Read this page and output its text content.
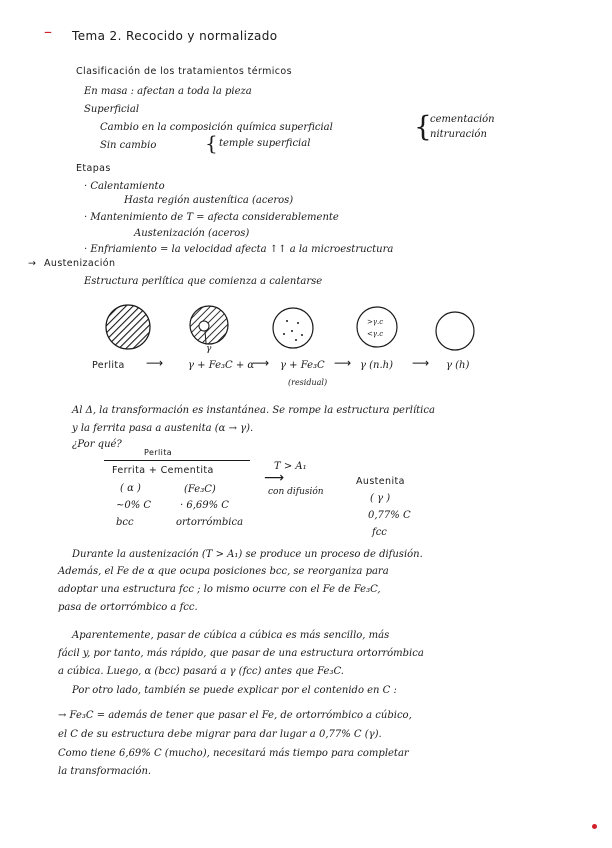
– Tema 2. Recocido y normalizado
Clasificación de los tratamientos térmicos
En masa : afectan a toda la pieza
Superficial
Cambio en la composición química superficial
Sin cambio { temple superficial
{
cementación
nitruración
Etapas
· Calentamiento
Hasta región austenítica (aceros)
· Mantenimiento de T = afecta considerablemente
Austenización (aceros)
· Enfriamiento = la velocidad afecta ↑↑ a la microestructura
→ Austenización
Estructura perlítica que comienza a calentarse
>γ.c
<γ.c
γ
Perlita ⟶ γ + Fe₃C + α
⟶ γ + Fe₃C
(residual)
⟶ γ (n.h) ⟶ γ (h)
Al Δ, la transformación es instantánea. Se rompe la estructura perlítica
y la ferrita pasa a austenita (α → γ).
¿Por qué?
Perlita
Ferrita + Cementita	T > A₁
⟶
con difusión
Austenita
( α )	(Fe₃C)
( γ )
~0% C	· 6,69% C
0,77% C
bcc	ortorrómbica
fcc
Durante la austenización (T > A₁) se produce un proceso de difusión.
Además, el Fe de α que ocupa posiciones bcc, se reorganiza para
adoptar una estructura fcc ; lo mismo ocurre con el Fe de Fe₃C,
pasa de ortorrómbico a fcc.
Aparentemente, pasar de cúbica a cúbica es más sencillo, más
fácil y, por tanto, más rápido, que pasar de una estructura ortorrómbica
a cúbica. Luego, α (bcc) pasará a γ (fcc) antes que Fe₃C.
Por otro lado, también se puede explicar por el contenido en C :
→ Fe₃C = además de tener que pasar el Fe, de ortorrómbico a cúbico,
el C de su estructura debe migrar para dar lugar a 0,77% C (γ).
Como tiene 6,69% C (mucho), necesitará más tiempo para completar
la transformación.
